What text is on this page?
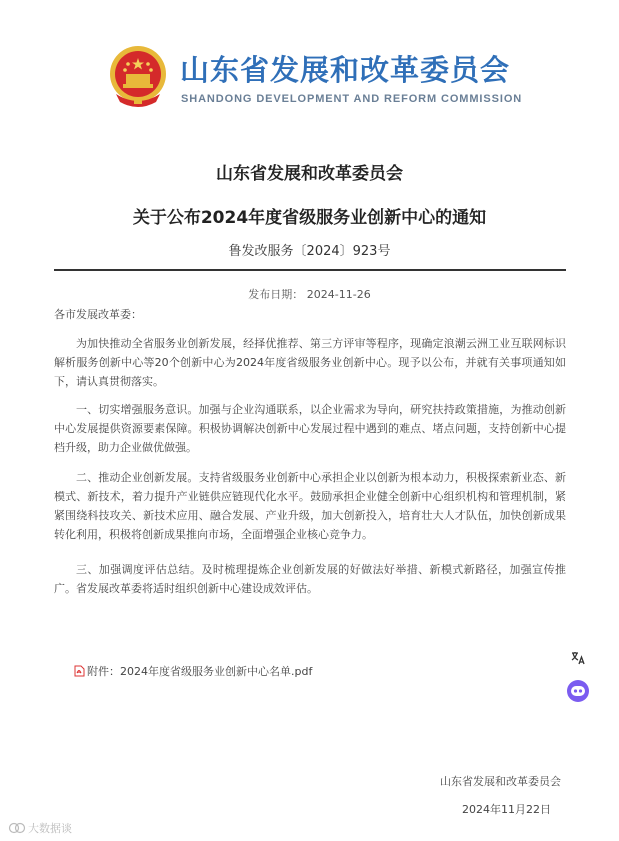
山东省发展和改革委员会
SHANDONG DEVELOPMENT AND REFORM COMMISSION
山东省发展和改革委员会
关于公布2024年度省级服务业创新中心的通知
鲁发改服务〔2024〕923号
发布日期： 2024-11-26
各市发展改革委：
为加快推动全省服务业创新发展，经择优推荐、第三方评审等程序，现确定浪潮云洲工业互联网标识解析服务创新中心等20个创新中心为2024年度省级服务业创新中心。现予以公布，并就有关事项通知如下，请认真贯彻落实。
一、切实增强服务意识。加强与企业沟通联系，以企业需求为导向，研究扶持政策措施，为推动创新中心发展提供资源要素保障。积极协调解决创新中心发展过程中遇到的难点、堵点问题，支持创新中心提档升级，助力企业做优做强。
二、推动企业创新发展。支持省级服务业创新中心承担企业以创新为根本动力，积极探索新业态、新模式、新技术，着力提升产业链供应链现代化水平。鼓励承担企业健全创新中心组织机构和管理机制，紧紧围绕科技攻关、新技术应用、融合发展、产业升级，加大创新投入，培育壮大人才队伍，加快创新成果转化利用，积极将创新成果推向市场，全面增强企业核心竞争力。
三、加强调度评估总结。及时梳理提炼企业创新发展的好做法好举措、新模式新路径，加强宣传推广。省发展改革委将适时组织创新中心建设成效评估。
附件： 2024年度省级服务业创新中心名单.pdf
山东省发展和改革委员会
2024年11月22日
大数据谈
